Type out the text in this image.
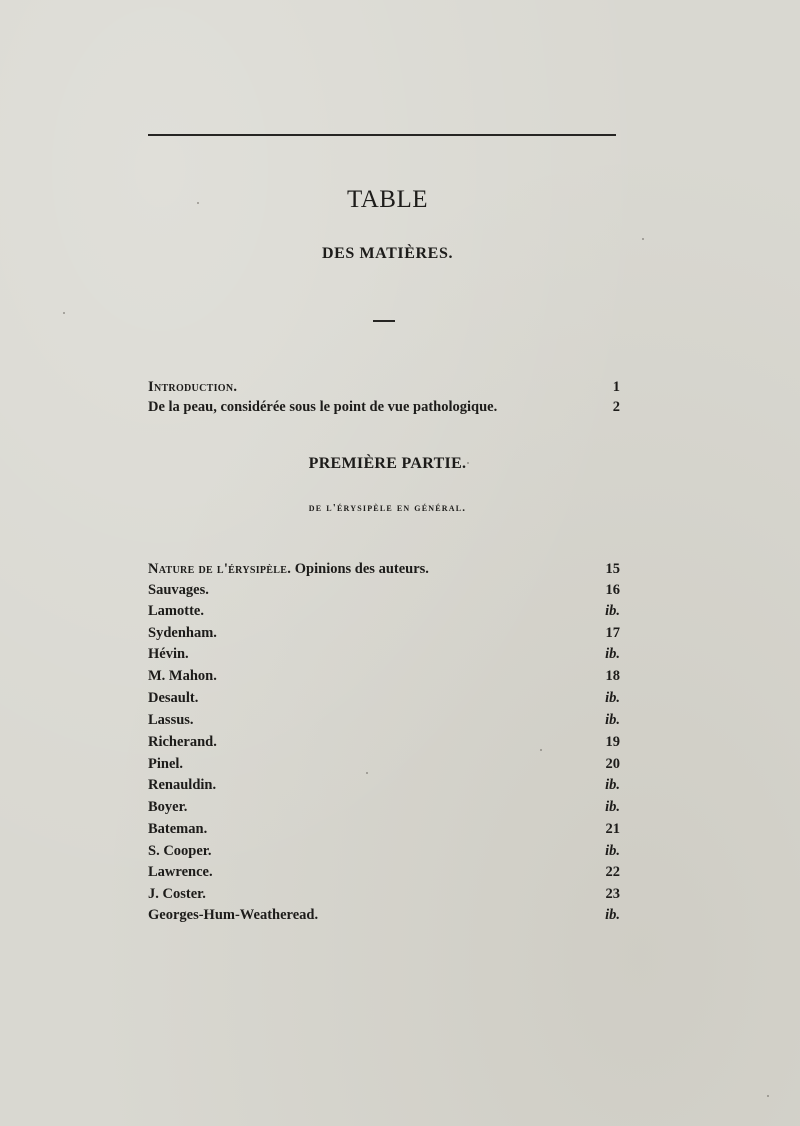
TABLE
DES MATIÈRES.
Introduction.	1
De la peau, considérée sous le point de vue pathologique.	2
PREMIÈRE PARTIE.
de l'érysipèle en général.
Nature de l'érysipèle. Opinions des auteurs.	15
Sauvages.	16
Lamotte.	ib.
Sydenham.	17
Hévin.	ib.
M. Mahon.	18
Desault.	ib.
Lassus.	ib.
Richerand.	19
Pinel.	20
Renauldin.	ib.
Boyer.	ib.
Bateman.	21
S. Cooper.	ib.
Lawrence.	22
J. Coster.	23
Georges-Hum-Weatheread.	ib.
